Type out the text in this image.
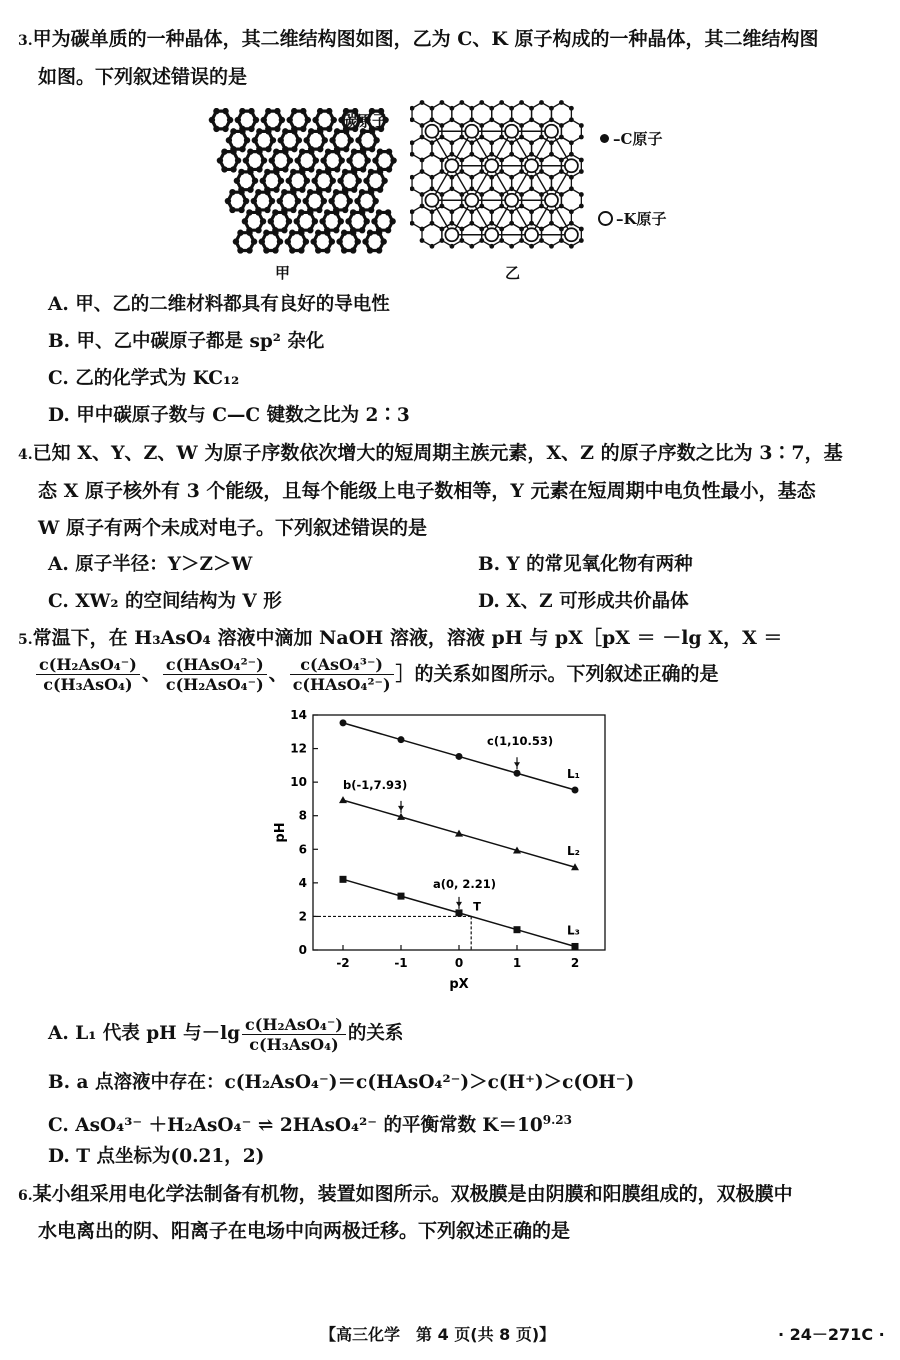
3.甲为碳单质的一种晶体，其二维结构图如图，乙为 C、K 原子构成的一种晶体，其二维结构图
如图。下列叙述错误的是
碳原子
甲
– C原子
– K原子
乙
A. 甲、乙的二维材料都具有良好的导电性
B. 甲、乙中碳原子都是 sp² 杂化
C. 乙的化学式为 KC₁₂
D. 甲中碳原子数与 C—C 键数之比为 2∶3
4.已知 X、Y、Z、W 为原子序数依次增大的短周期主族元素，X、Z 的原子序数之比为 3∶7，基
态 X 原子核外有 3 个能级，且每个能级上电子数相等，Y 元素在短周期中电负性最小，基态
W 原子有两个未成对电子。下列叙述错误的是
A. 原子半径：Y＞Z＞W	B. Y 的常见氧化物有两种
C. XW₂ 的空间结构为 V 形	D. X、Z 可形成共价晶体
5.常温下，在 H₃AsO₄ 溶液中滴加 NaOH 溶液，溶液 pH 与 pX［pX ＝ －lg X，X ＝
$\frac{\text{c(H₂AsO₄⁻)}}{\text{c(H₃AsO₄)}}$ 、 $\frac{\text{c(HAsO₄²⁻)}}{\text{c(H₂AsO₄⁻)}}$ 、 $\frac{\text{c(AsO₄³⁻)}}{\text{c(HAsO₄²⁻)}}$ ］的关系如图所示。下列叙述正确的是
0
2
4
6
8
10
12
14
-2	-1	0	1	2
pX
pH
L₁
L₂
L₃
c(1,10.53)
b(-1,7.93)
a(0, 2.21)
T
A. L₁ 代表 pH 与$-\lg \frac{\text{c(H₂AsO₄⁻)}}{\text{c(H₃AsO₄)}}$ 的关系
B. a 点溶液中存在：c(H₂AsO₄⁻)＝c(HAsO₄²⁻)＞c(H⁺)＞c(OH⁻)
C. AsO₄³⁻ ＋H₂AsO₄⁻ ⇌ 2HAsO₄²⁻ 的平衡常数 $K=10^{9.23}$
D. T 点坐标为(0.21，2)
6.某小组采用电化学法制备有机物，装置如图所示。双极膜是由阴膜和阳膜组成的，双极膜中
水电离出的阴、阳离子在电场中向两极迁移。下列叙述正确的是
【高三化学　第 4 页(共 8 页)】	· 24－271C ·
